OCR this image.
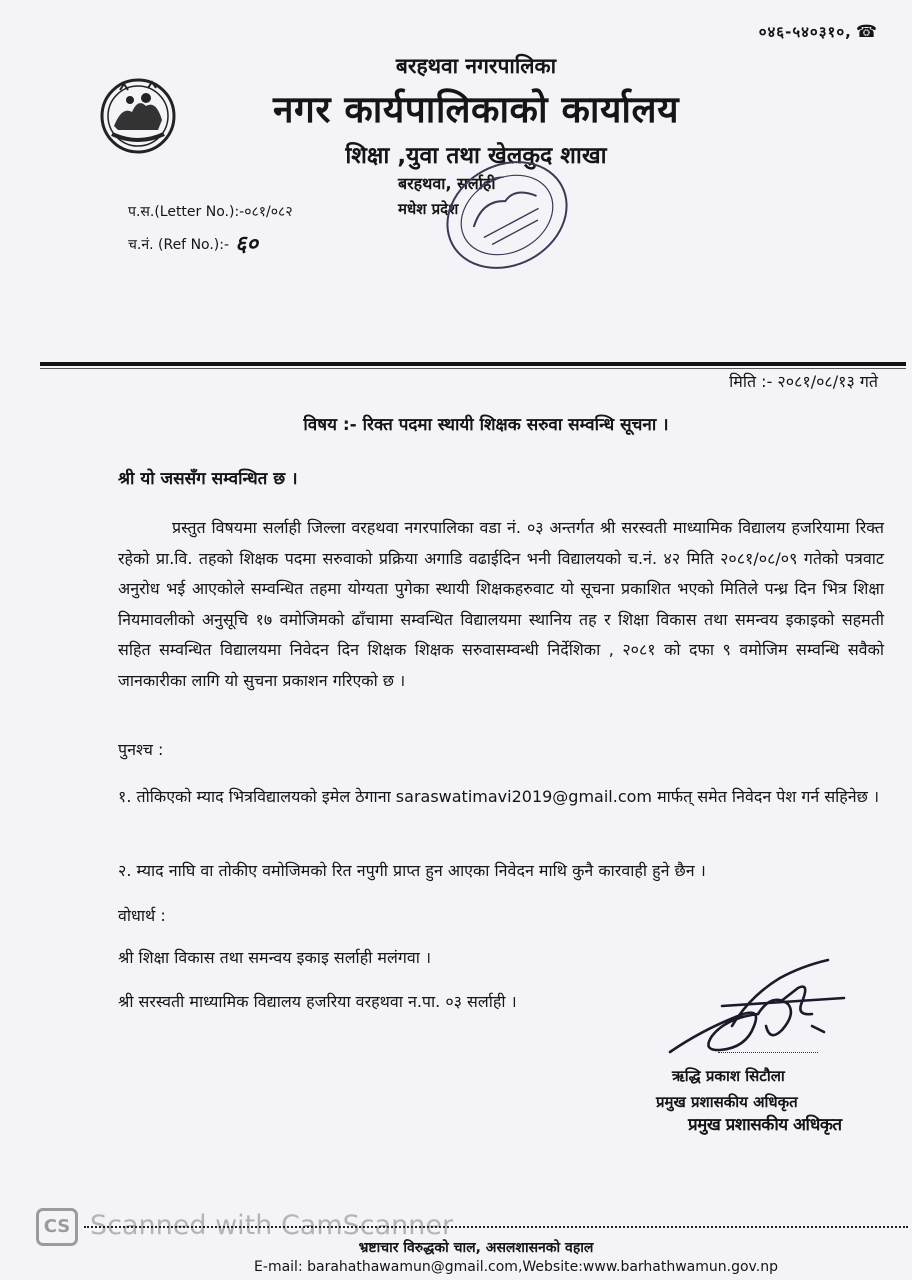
०४६-५४०३१०, ☎
बरहथवा नगरपालिका
नगर कार्यपालिकाको कार्यालय
शिक्षा ,युवा तथा खेलकुद शाखा
बरहथवा, सर्लाही
मधेश प्रदेश
प.स.(Letter No.):-०८१/०८२
च.नं. (Ref No.):- ६०
मिति :- २०८१/०८/१३ गते
विषय :- रिक्त पदमा स्थायी शिक्षक सरुवा सम्वन्धि सूचना ।
श्री यो जससँग सम्वन्धित छ ।
प्रस्तुत विषयमा सर्लाही जिल्ला वरहथवा नगरपालिका वडा नं. ०३ अन्तर्गत श्री सरस्वती माध्यामिक विद्यालय हजरियामा रिक्त रहेको प्रा.वि. तहको शिक्षक पदमा सरुवाको प्रक्रिया अगाडि वढाईदिन भनी विद्यालयको च.नं. ४२ मिति २०८१/०८/०९ गतेको पत्रवाट अनुरोध भई आएकोले सम्वन्धित तहमा योग्यता पुगेका स्थायी शिक्षकहरुवाट यो सूचना प्रकाशित भएको मितिले पन्ध्र दिन भित्र शिक्षा नियमावलीको अनुसूचि १७ वमोजिमको ढाँचामा सम्वन्धित विद्यालयमा स्थानिय तह र शिक्षा विकास तथा समन्वय इकाइको सहमती सहित सम्वन्धित विद्यालयमा निवेदन दिन शिक्षक शिक्षक सरुवासम्वन्धी निर्देशिका , २०८१ को दफा ९ वमोजिम सम्वन्धि सवैको जानकारीका लागि यो सुचना प्रकाशन गरिएको छ ।
पुनश्च :
१. तोकिएको म्याद भित्रविद्यालयको इमेल ठेगाना saraswatimavi2019@gmail.com मार्फत् समेत निवेदन पेश गर्न सहिनेछ ।
२. म्याद नाघि वा तोकीए वमोजिमको रित नपुगी प्राप्त हुन आएका निवेदन माथि कुनै कारवाही हुने छैन ।
वोधार्थ :
श्री शिक्षा विकास तथा समन्वय इकाइ सर्लाही मलंगवा ।
श्री सरस्वती माध्यामिक विद्यालय हजरिया वरहथवा न.पा. ०३ सर्लाही ।
ऋद्धि प्रकाश सिटौला
प्रमुख प्रशासकीय अधिकृत
प्रमुख प्रशासकीय अधिकृत
CS Scanned with CamScanner
भ्रष्टाचार विरुद्धको चाल, असलशासनको वहाल
E-mail: barahathawamun@gmail.com,Website:www.barhathwamun.gov.np
